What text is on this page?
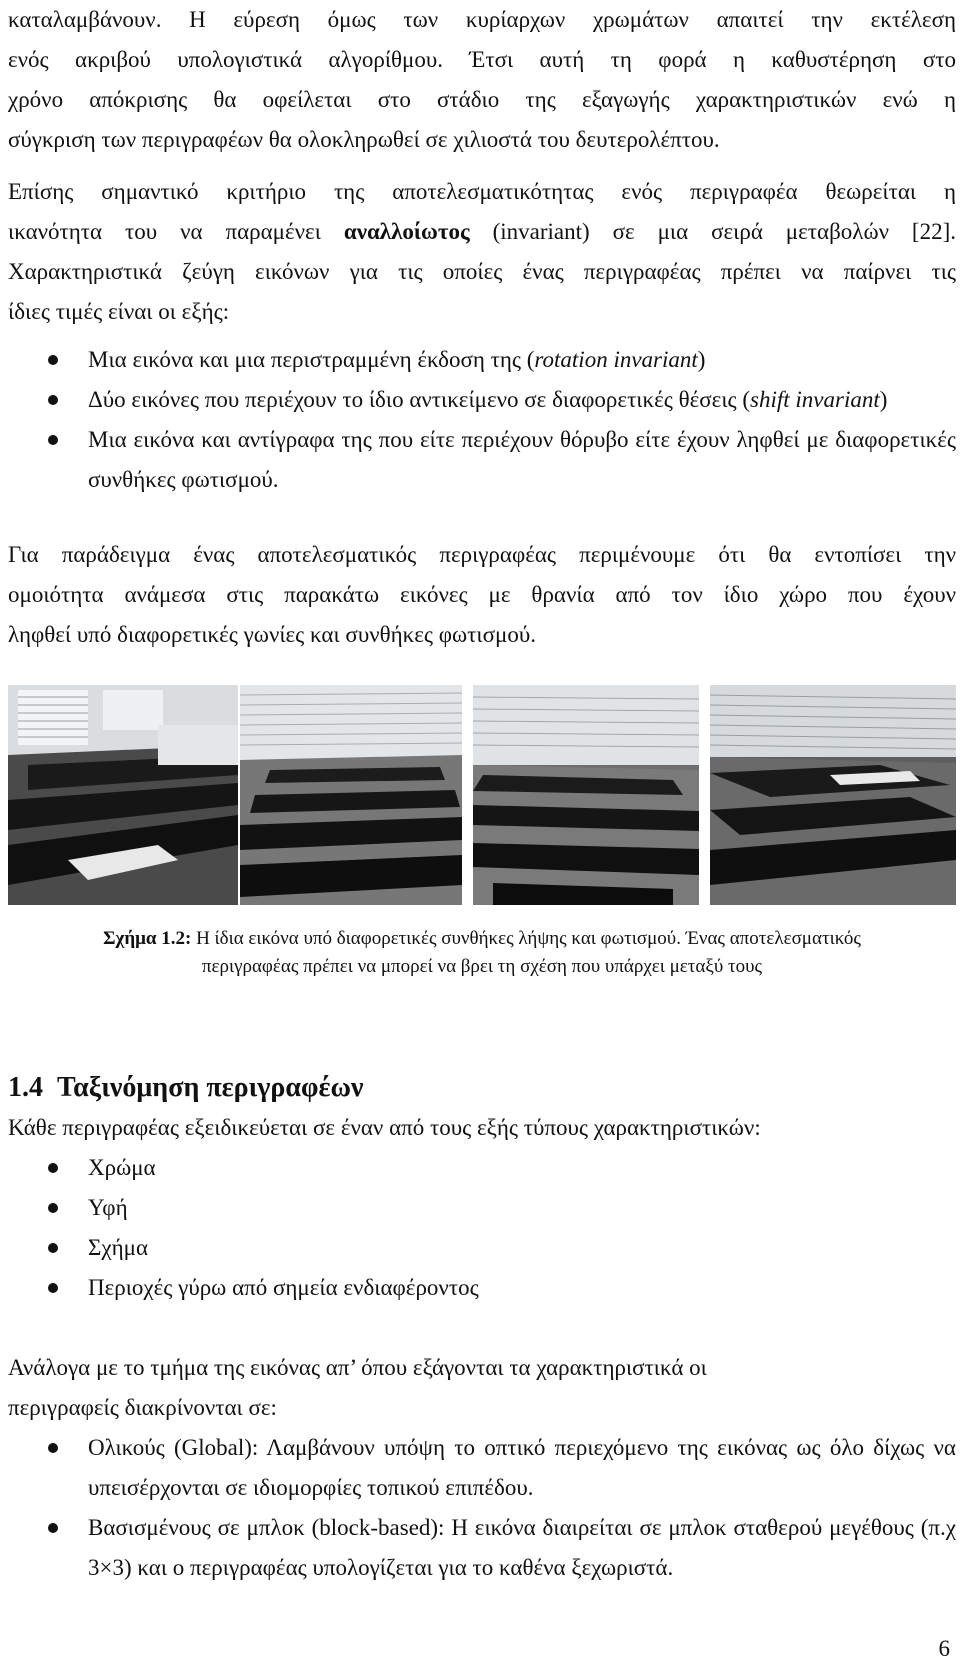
καταλαμβάνουν. Η εύρεση όμως των κυρίαρχων χρωμάτων απαιτεί την εκτέλεση
ενός ακριβού υπολογιστικά αλγορίθμου. Έτσι αυτή τη φορά η καθυστέρηση στο
χρόνο απόκρισης θα οφείλεται στο στάδιο της εξαγωγής χαρακτηριστικών ενώ η
σύγκριση των περιγραφέων θα ολοκληρωθεί σε χιλιοστά του δευτερολέπτου.
Επίσης σημαντικό κριτήριο της αποτελεσματικότητας ενός περιγραφέα θεωρείται η
ικανότητα του να παραμένει αναλλοίωτος (invariant) σε μια σειρά μεταβολών [22].
Χαρακτηριστικά ζεύγη εικόνων για τις οποίες ένας περιγραφέας πρέπει να παίρνει τις
ίδιες τιμές είναι οι εξής:
Μια εικόνα και μια περιστραμμένη έκδοση της (rotation invariant)
Δύο εικόνες που περιέχουν το ίδιο αντικείμενο σε διαφορετικές θέσεις (shift invariant)
Μια εικόνα και αντίγραφα της που είτε περιέχουν θόρυβο είτε έχουν ληφθεί με διαφορετικές συνθήκες φωτισμού.
Για παράδειγμα ένας αποτελεσματικός περιγραφέας περιμένουμε ότι θα εντοπίσει την
ομοιότητα ανάμεσα στις παρακάτω εικόνες με θρανία από τον ίδιο χώρο που έχουν
ληφθεί υπό διαφορετικές γωνίες και συνθήκες φωτισμού.
Σχήμα 1.2: Η ίδια εικόνα υπό διαφορετικές συνθήκες λήψης και φωτισμού. Ένας αποτελεσματικός
περιγραφέας πρέπει να μπορεί να βρει τη σχέση που υπάρχει μεταξύ τους
1.4 Ταξινόμηση περιγραφέων
Κάθε περιγραφέας εξειδικεύεται σε έναν από τους εξής τύπους χαρακτηριστικών:
Χρώμα
Υφή
Σχήμα
Περιοχές γύρω από σημεία ενδιαφέροντος
Ανάλογα με το τμήμα της εικόνας απ’ όπου εξάγονται τα χαρακτηριστικά οι
περιγραφείς διακρίνονται σε:
Ολικούς (Global): Λαμβάνουν υπόψη το οπτικό περιεχόμενο της εικόνας ως όλο δίχως να υπεισέρχονται σε ιδιομορφίες τοπικού επιπέδου.
Βασισμένους σε μπλοκ (block-based): Η εικόνα διαιρείται σε μπλοκ σταθερού μεγέθους (π.χ 3×3) και ο περιγραφέας υπολογίζεται για το καθένα ξεχωριστά.
6
